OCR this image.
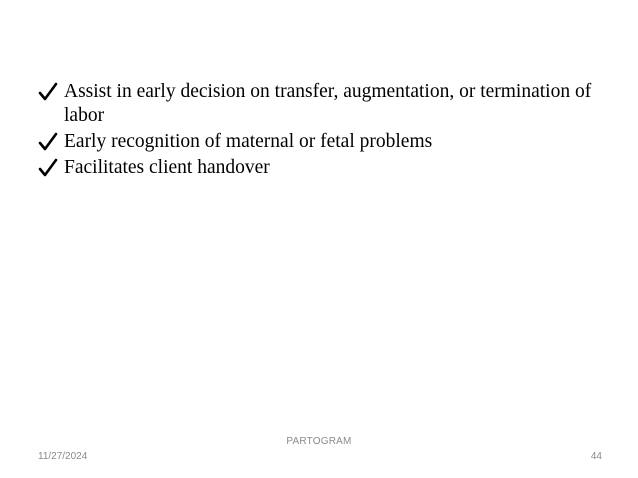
Assist in early decision on transfer, augmentation, or termination of labor
Early recognition of maternal or fetal problems
Facilitates client handover
PARTOGRAM
11/27/2024	44
